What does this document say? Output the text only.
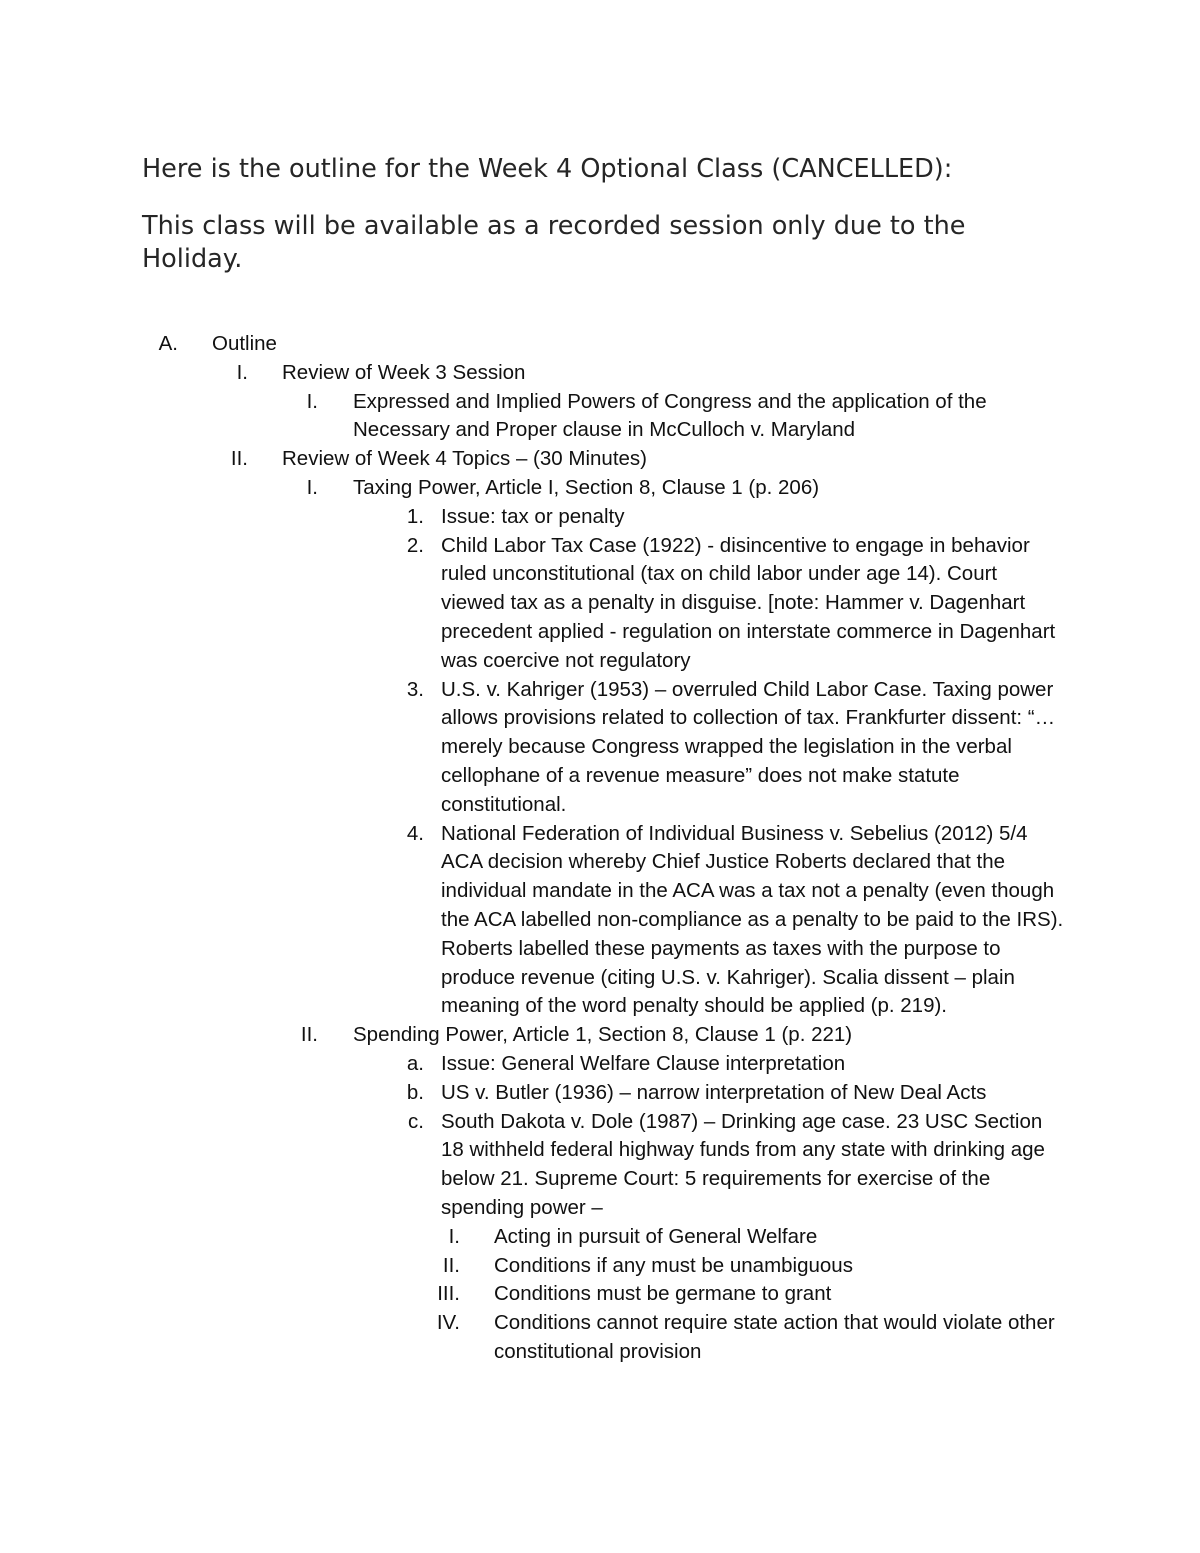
Here is the outline for the Week 4 Optional Class (CANCELLED):

This class will be available as a recorded session only due to the Holiday.

A. Outline
I. Review of Week 3 Session
I. Expressed and Implied Powers of Congress and the application of the Necessary and Proper clause in McCulloch v. Maryland
II. Review of Week 4 Topics – (30 Minutes)
I. Taxing Power, Article I, Section 8, Clause 1 (p. 206)
1. Issue: tax or penalty
2. Child Labor Tax Case (1922) - disincentive to engage in behavior ruled unconstitutional (tax on child labor under age 14). Court viewed tax as a penalty in disguise. [note: Hammer v. Dagenhart precedent applied - regulation on interstate commerce in Dagenhart was coercive not regulatory
3. U.S. v. Kahriger (1953) – overruled Child Labor Case. Taxing power allows provisions related to collection of tax. Frankfurter dissent: “… merely because Congress wrapped the legislation in the verbal cellophane of a revenue measure” does not make statute constitutional.
4. National Federation of Individual Business v. Sebelius (2012) 5/4 ACA decision whereby Chief Justice Roberts declared that the individual mandate in the ACA was a tax not a penalty (even though the ACA labelled non-compliance as a penalty to be paid to the IRS). Roberts labelled these payments as taxes with the purpose to produce revenue (citing U.S. v. Kahriger). Scalia dissent – plain meaning of the word penalty should be applied (p. 219).
II. Spending Power, Article 1, Section 8, Clause 1 (p. 221)
a. Issue: General Welfare Clause interpretation
b. US v. Butler (1936) – narrow interpretation of New Deal Acts
c. South Dakota v. Dole (1987) – Drinking age case. 23 USC Section 18 withheld federal highway funds from any state with drinking age below 21. Supreme Court: 5 requirements for exercise of the spending power –
I. Acting in pursuit of General Welfare
II. Conditions if any must be unambiguous
III. Conditions must be germane to grant
IV. Conditions cannot require state action that would violate other constitutional provision
